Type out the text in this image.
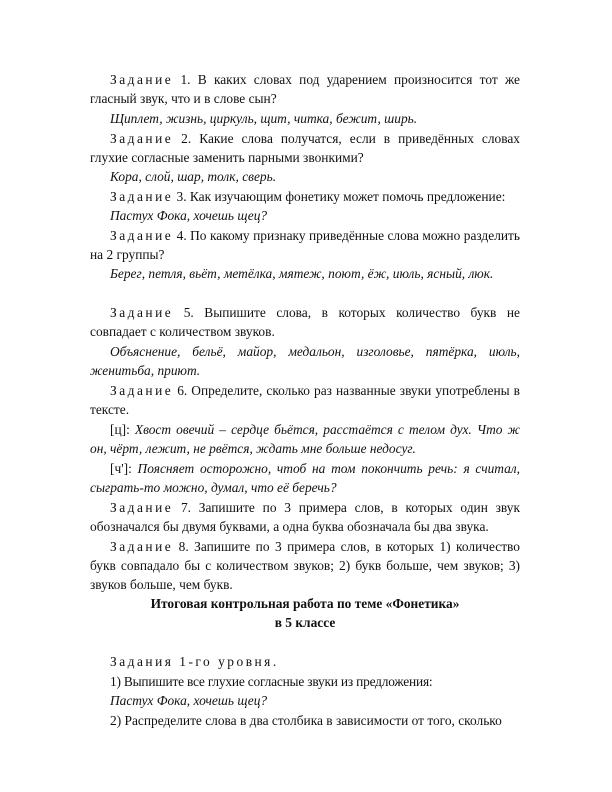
Задание 1. В каких словах под ударением произносится тот же гласный звук, что и в слове сын?

Щиплет, жизнь, циркуль, щит, читка, бежит, ширь.

Задание 2. Какие слова получатся, если в приведённых словах глухие согласные заменить парными звонкими?

Кора, слой, шар, толк, сверь.

Задание 3. Как изучающим фонетику может помочь предложение:

Пастух Фока, хочешь щец?

Задание 4. По какому признаку приведённые слова можно разделить на 2 группы?

Берег, петля, вьёт, метёлка, мятеж, поют, ёж, июль, ясный, люк.

Задание 5. Выпишите слова, в которых количество букв не совпадает с количеством звуков.

Объяснение, бельё, майор, медальон, изголовье, пятёрка, июль, женитьба, приют.

Задание 6. Определите, сколько раз названные звуки употреблены в тексте.

[ц]: Хвост овечий – сердце бьётся, расстаётся с телом дух. Что ж он, чёрт, лежит, не рвётся, ждать мне больше недосуг.

[ч']: Поясняет осторожно, чтоб на том покончить речь: я считал, сыграть-то можно, думал, что её беречь?

Задание 7. Запишите по 3 примера слов, в которых один звук обозначался бы двумя буквами, а одна буква обозначала бы два звука.

Задание 8. Запишите по 3 примера слов, в которых 1) количество букв совпадало бы с количеством звуков; 2) букв больше, чем звуков; 3) звуков больше, чем букв.

Итоговая контрольная работа по теме «Фонетика»

в 5 классе

Задания 1-го уровня.

1) Выпишите все глухие согласные звуки из предложения:

Пастух Фока, хочешь щец?

2) Распределите слова в два столбика в зависимости от того, сколько
